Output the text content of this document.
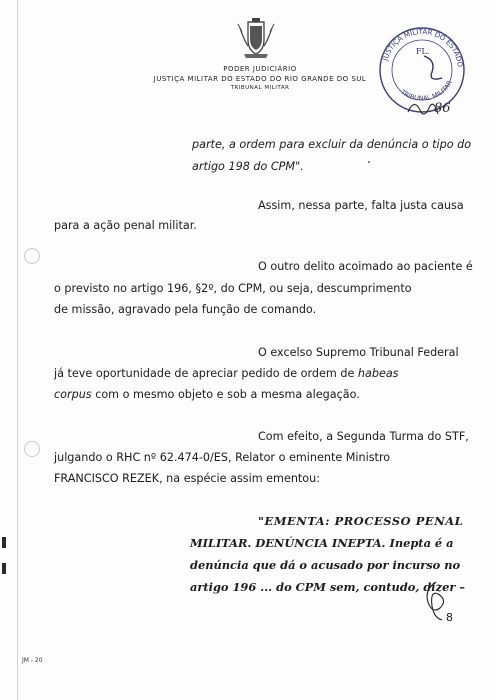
PODER JUDICIÁRIO
JUSTIÇA MILITAR DO ESTADO DO RIO GRANDE DO SUL
TRIBUNAL MILITAR
JUSTIÇA MILITAR DO ESTADO
TRIBUNAL MILITAR
FL.
86
parte, a ordem para excluir da denúncia o tipo do
artigo 198 do CPM".
Assim, nessa parte, falta justa causa
para a ação penal militar.
O outro delito acoimado ao paciente é
o previsto no artigo 196, §2º, do CPM, ou seja, descumprimento
de missão, agravado pela função de comando.
O excelso Supremo Tribunal Federal
já teve oportunidade de apreciar pedido de ordem de habeas
corpus com o mesmo objeto e sob a mesma alegação.
Com efeito, a Segunda Turma do STF,
julgando o RHC nº 62.474-0/ES, Relator o eminente Ministro
FRANCISCO REZEK, na espécie assim ementou:
"EMENTA: PROCESSO PENAL
MILITAR. DENÚNCIA INEPTA. Inepta é a
denúncia que dá o acusado por incurso no
artigo 196 ... do CPM sem, contudo, dizer –
8
JM - 20
